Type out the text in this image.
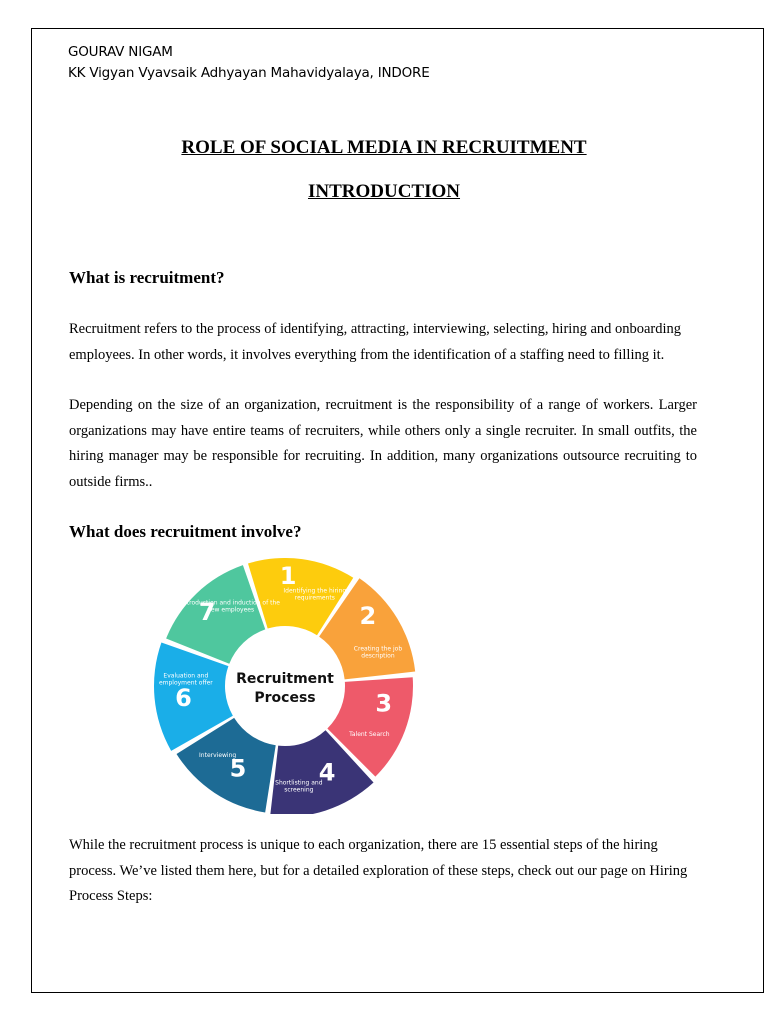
GOURAV NIGAM
KK Vigyan Vyavsaik Adhyayan Mahavidyalaya, INDORE
ROLE OF SOCIAL MEDIA IN RECRUITMENT
INTRODUCTION
What is recruitment?
Recruitment refers to the process of identifying, attracting, interviewing, selecting, hiring and onboarding employees. In other words, it involves everything from the identification of a staffing need to filling it.
Depending on the size of an organization, recruitment is the responsibility of a range of workers. Larger organizations may have entire teams of recruiters, while others only a single recruiter. In small outfits, the hiring manager may be responsible for recruiting. In addition, many organizations outsource recruiting to outside firms..
What does recruitment involve?
1
Identifying the hiring
requirements
2
Creating the job
description
3
Talent Search
4
Shortlisting and
screening
5
Interviewing
6
Evaluation and
employment offer
7
Introduction and induction of the
new employees
Recruitment
Process
While the recruitment process is unique to each organization, there are 15 essential steps of the hiring process. We’ve listed them here, but for a detailed exploration of these steps, check out our page on Hiring Process Steps:
